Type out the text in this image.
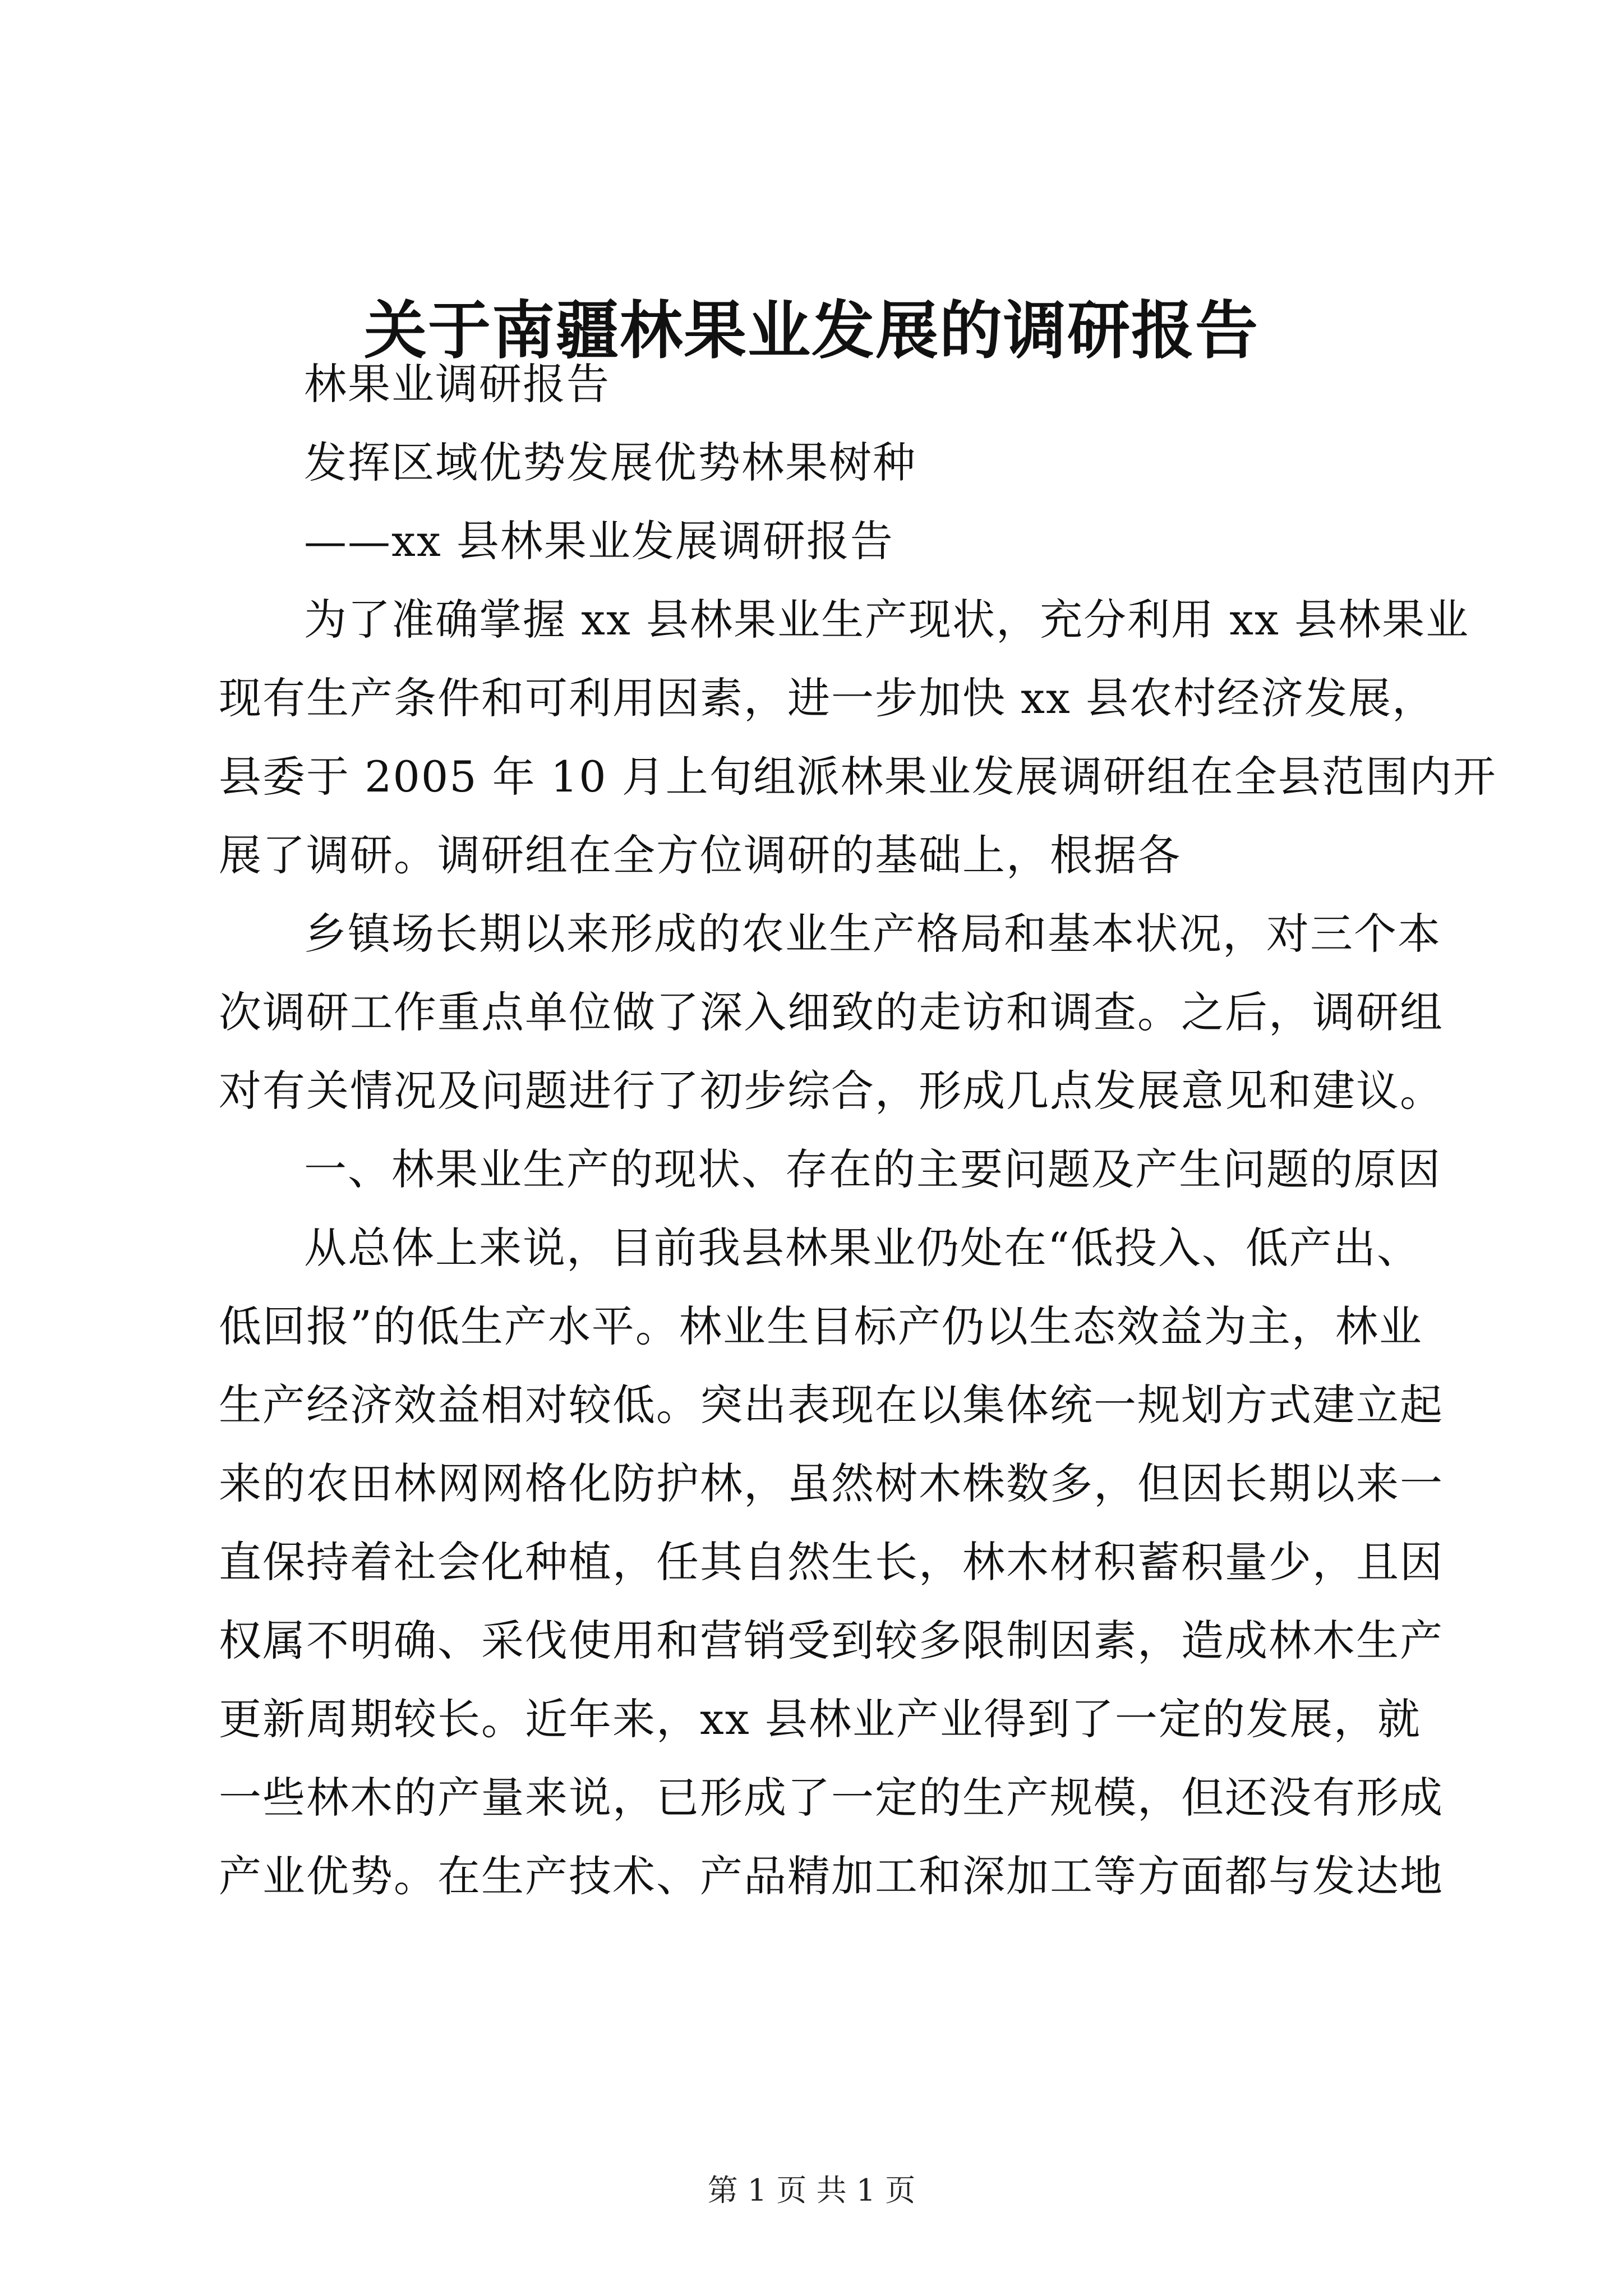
关于南疆林果业发展的调研报告
林果业调研报告
发挥区域优势发展优势林果树种
——xx 县林果业发展调研报告
为了准确掌握 xx 县林果业生产现状，充分利用 xx 县林果业
现有生产条件和可利用因素，进一步加快 xx 县农村经济发展，
县委于 2005 年 10 月上旬组派林果业发展调研组在全县范围内开
展了调研。调研组在全方位调研的基础上，根据各
乡镇场长期以来形成的农业生产格局和基本状况，对三个本
次调研工作重点单位做了深入细致的走访和调查。之后，调研组
对有关情况及问题进行了初步综合，形成几点发展意见和建议。
一、林果业生产的现状、存在的主要问题及产生问题的原因
从总体上来说，目前我县林果业仍处在“低投入、低产出、
低回报”的低生产水平。林业生目标产仍以生态效益为主，林业
生产经济效益相对较低。突出表现在以集体统一规划方式建立起
来的农田林网网格化防护林，虽然树木株数多，但因长期以来一
直保持着社会化种植，任其自然生长，林木材积蓄积量少，且因
权属不明确、采伐使用和营销受到较多限制因素，造成林木生产
更新周期较长。近年来，xx 县林业产业得到了一定的发展，就
一些林木的产量来说，已形成了一定的生产规模，但还没有形成
产业优势。在生产技术、产品精加工和深加工等方面都与发达地
第 1 页 共 1 页
